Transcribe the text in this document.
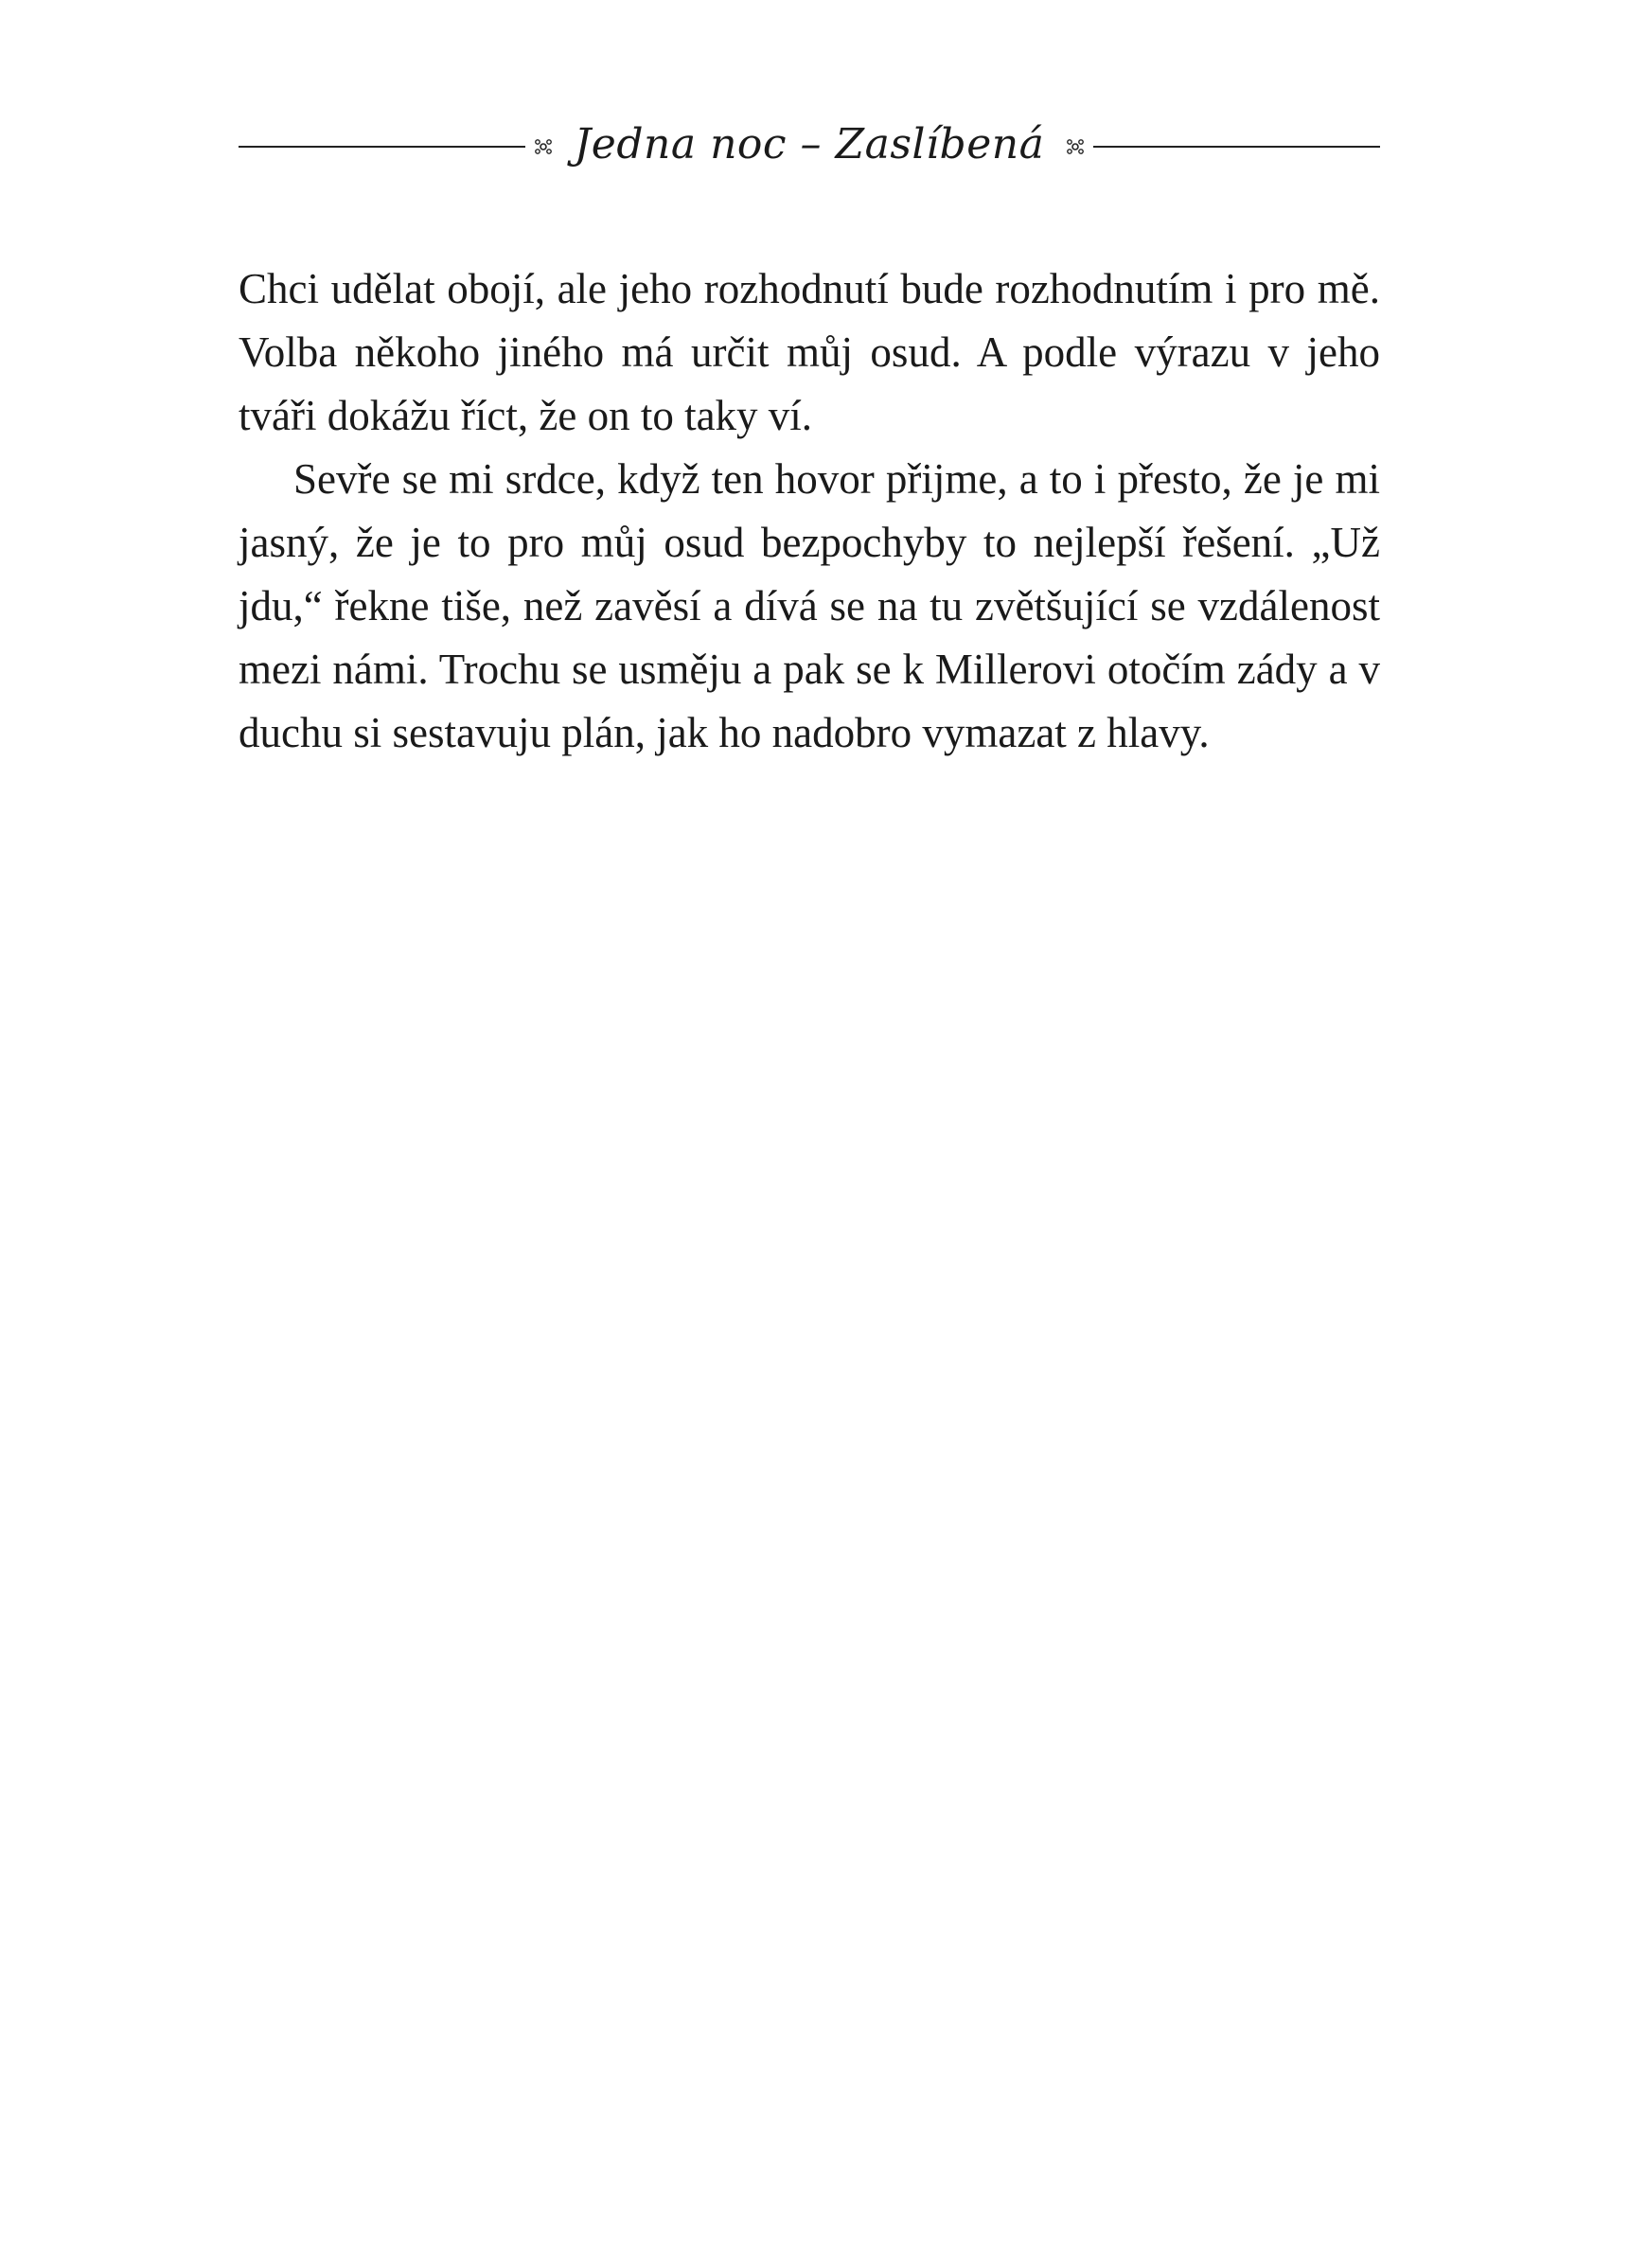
Jedna noc – Zaslíbená

Chci udělat obojí, ale jeho rozhodnutí bude rozhodnutím i pro mě. Volba někoho jiného má určit můj osud. A podle výrazu v jeho tváři dokážu říct, že on to taky ví.

Sevře se mi srdce, když ten hovor přijme, a to i přesto, že je mi jasný, že je to pro můj osud bezpochyby to nejlepší řešení. „Už jdu,“ řekne tiše, než zavěsí a dívá se na tu zvětšující se vzdálenost mezi námi. Trochu se usměju a pak se k Millerovi otočím zády a v duchu si sestavuju plán, jak ho nadobro vymazat z hlavy.
